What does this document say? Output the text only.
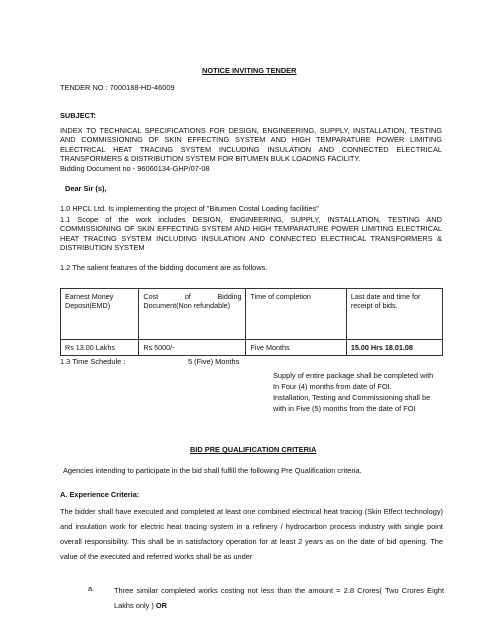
NOTICE INVITING TENDER
TENDER NO : 7000188-HD-46009
SUBJECT:
INDEX TO TECHNICAL SPECIFICATIONS FOR DESIGN, ENGINEERING, SUPPLY, INSTALLATION, TESTING AND COMMISSIONING OF SKIN EFFECTING SYSTEM AND HIGH TEMPARATURE POWER LIMITING ELECTRICAL HEAT TRACING SYSTEM INCLUDING INSULATION AND CONNECTED ELECTRICAL TRANSFORMERS & DISTRIBUTION SYSTEM FOR BITUMEN BULK LOADING FACILITY.
Bidding Document no - 96060134-GHP/07-08
Dear Sir (s),
1.0 HPCL Ltd. Is implementing the project of "Bitumen Costal Loading facilities"
1.1 Scope of the work includes DESIGN, ENGINEERING, SUPPLY, INSTALLATION, TESTING AND COMMISSIONING OF SKIN EFFECTING SYSTEM AND HIGH TEMPARATURE POWER LIMITING ELECTRICAL HEAT TRACING SYSTEM INCLUDING INSULATION AND CONNECTED ELECTRICAL TRANSFORMERS & DISTRIBUTION SYSTEM
1.2 The salient features of the bidding document are as follows.
Earnest Money Deposit(EMD)	Cost of Bidding Document(Non refundable)	Time of completion	Last date and time for receipt of bids.
Rs 13.00 Lakhs	Rs 5000/-	Five Months	15.00 Hrs 18.01.08
1.3 Time Schedule :	5 (Five) Months
Supply of entire package shall be completed with
In Four (4) months from date of FOI.
Installation, Testing and Commissioning shall be
with in Five (5) months from the date of FOI
BID PRE QUALIFICATION CRITERIA
Agencies intending to participate in the bid shall fulfill the following Pre Qualification criteria.
A. Experience Criteria:
The bidder shall have executed and completed at least one combined electrical heat tracing (Skin Effect technology) and insulation work for electric heat tracing system in a refinery / hydrocarbon process industry with single point overall responsibility. This shall be in satisfactory operation for at least 2 years as on the date of bid opening. The value of the executed and referred works shall be as under
a.	Three similar completed works costing not less than the amount = 2.8 Crores( Two Crores Eight Lakhs only ) OR
